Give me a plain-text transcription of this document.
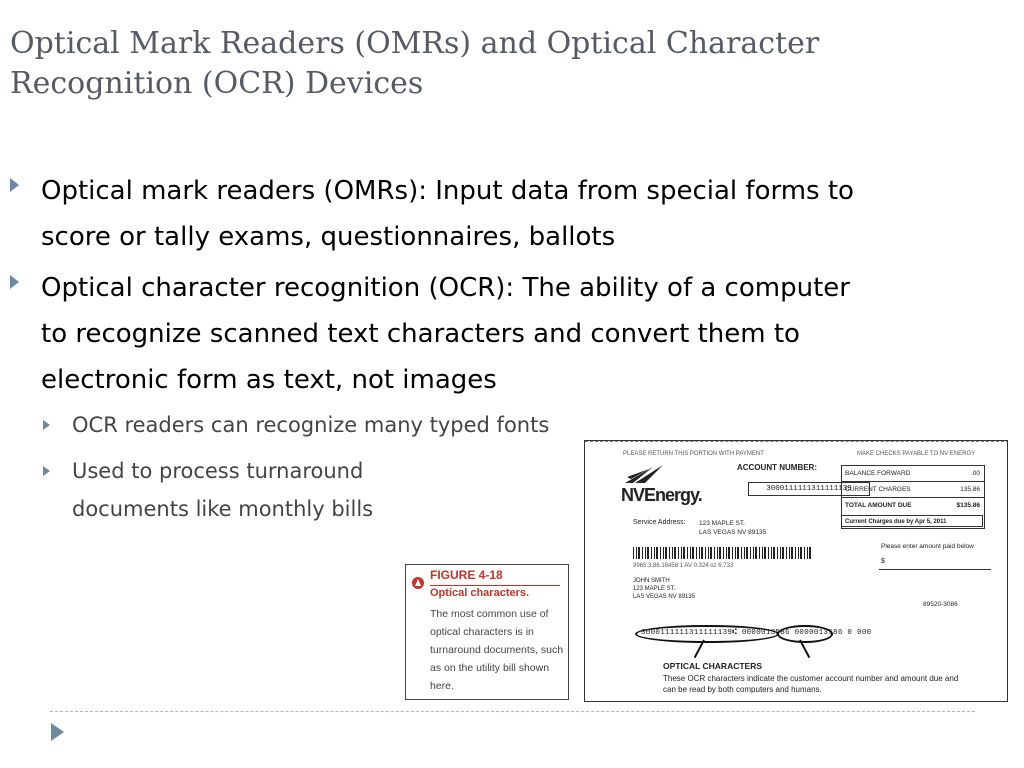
Optical Mark Readers (OMRs) and Optical Character Recognition (OCR) Devices
Optical mark readers (OMRs): Input data from special forms to score or tally exams, questionnaires, ballots
Optical character recognition (OCR): The ability of a computer to recognize scanned text characters and convert them to electronic form as text, not images
OCR readers can recognize many typed fonts
Used to process turnaround documents like monthly bills
FIGURE 4-18
Optical characters.
The most common use of optical characters is in turnaround documents, such as on the utility bill shown here.
PLEASE RETURN THIS PORTION WITH PAYMENT	MAKE CHECKS PAYABLE TO NV ENERGY
NVEnergy.
ACCOUNT NUMBER:
3000111111311111139
Service Address: 123 MAPLE ST.
LAS VEGAS NV 89135
BALANCE FORWARD	.00
CURRENT CHARGES	135.86
TOTAL AMOUNT DUE	$135.86
Current Charges due by Apr 5, 2011
9965.3.86.18458 1 AV 0.324 oz 6.733
Please enter amount paid below
$
JOHN SMITH
123 MAPLE ST.
LAS VEGAS NV 89135
89520-3086
3000111111311111139⑆ 0000013586 0000013586 0 000
OPTICAL CHARACTERS
These OCR characters indicate the customer account number and amount due and can be read by both computers and humans.
